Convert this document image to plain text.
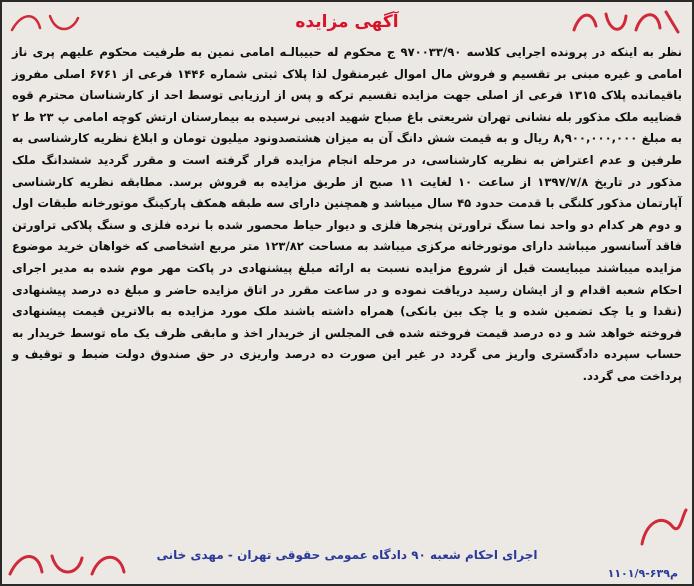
آگهی مزایده

نظر به اینکه در پرونده اجرایی کلاسه ۹۷۰۰۳۳/۹۰ ج محکوم له حبیبالـه امامی نمین به طرفیت محکوم علیهم پری ناز امامی و غیره مبنی بر تقسیم و فروش مال اموال غیرمنقول لذا پلاک ثبتی شماره ۱۴۴۶ فرعی از ۶۷۶۱ اصلی مفروز باقیمانده پلاک ۱۳۱۵ فرعی از اصلی جهت مزایده تقسیم ترکه و پس از ارزیابی توسط احد از کارشناسان محترم قوه قضاییه ملک مذکور بله نشانی تهران شریعتی باغ صباح شهید ادیبی نرسیده به بیمارستان ارتش کوچه امامی پ ۲۳ ط ۲ به مبلغ ۸,۹۰۰,۰۰۰,۰۰۰ ریال و به قیمت شش دانگ آن به میزان هشتصدونود میلیون تومان و ابلاغ نظریه کارشناسی به طرفین و عدم اعتراض به نظریه کارشناسی، در مرحله انجام مزایده قرار گرفته است و مقرر گردید ششدانگ ملک مذکور در تاریخ ۱۳۹۷/۷/۸ از ساعت ۱۰ لغایت ۱۱ صبح از طریق مزایده به فروش برسد. مطابقه نظریه کارشناسی آپارتمان مذکور کلنگی با قدمت حدود ۴۵ سال میباشد و همچنین دارای سه طبقه همکف پارکینگ موتورخانه طبقات اول و دوم هر کدام دو واحد نما سنگ تراورتن پنجرها فلزی و دیوار حیاط محصور شده با نرده فلزی و سنگ پلاکی تراورتن فاقد آسانسور میباشد دارای موتورخانه مرکزی میباشد به مساحت ۱۲۳/۸۲ متر مربع اشخاصی که خواهان خرید موضوع مزایده میباشند میبایست قبل از شروع مزایده نسبت به ارائه مبلغ پیشنهادی در پاکت مهر موم شده به مدیر اجرای احکام شعبه اقدام و از ایشان رسید دریافت نموده و در ساعت مقرر در اتاق مزایده حاضر و مبلغ ده درصد پیشنهادی (نقدا و یا چک تضمین شده و یا چک بین بانکی) همراه داشته باشند ملک مورد مزایده به بالاترین قیمت پیشنهادی فروخته خواهد شد و ده درصد قیمت فروخته شده فی المجلس از خریدار اخذ و مابقی ظرف یک ماه توسط خریدار به حساب سپرده دادگستری واریز می گردد در غیر این صورت ده درصد واریزی در حق صندوق دولت ضبط و توقیف و پرداخت می گردد.

اجرای احکام شعبه ۹۰ دادگاه عمومی حقوقی تهران - مهدی خانی
۱۱۰۱/م۶۳۹-۹
